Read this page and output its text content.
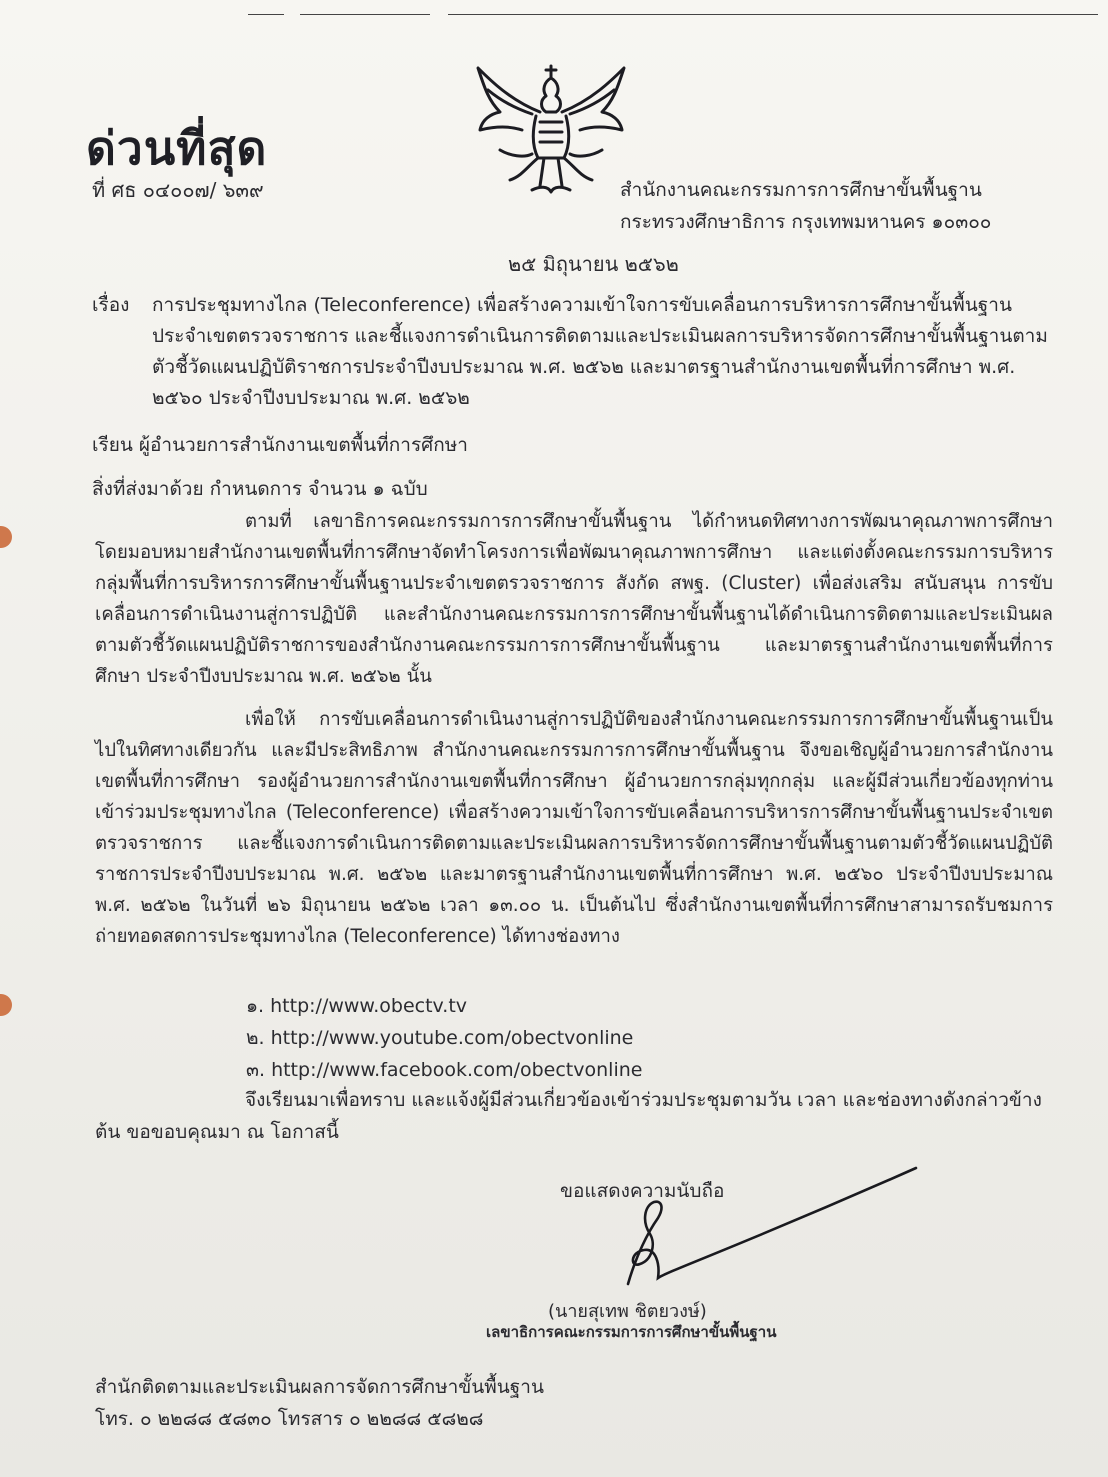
ด่วนที่สุด
ที่ ศธ ๐๔๐๐๗/ ๖๓๙	สำนักงานคณะกรรมการการศึกษาขั้นพื้นฐาน
กระทรวงศึกษาธิการ กรุงเทพมหานคร ๑๐๓๐๐
๒๕ มิถุนายน ๒๕๖๒
เรื่อง การประชุมทางไกล (Teleconference) เพื่อสร้างความเข้าใจการขับเคลื่อนการบริหารการศึกษาขั้นพื้นฐานประจำเขตตรวจราชการ และชี้แจงการดำเนินการติดตามและประเมินผลการบริหารจัดการศึกษาขั้นพื้นฐานตามตัวชี้วัดแผนปฏิบัติราชการประจำปีงบประมาณ พ.ศ. ๒๕๖๒ และมาตรฐานสำนักงานเขตพื้นที่การศึกษา พ.ศ. ๒๕๖๐ ประจำปีงบประมาณ พ.ศ. ๒๕๖๒
เรียน ผู้อำนวยการสำนักงานเขตพื้นที่การศึกษา
สิ่งที่ส่งมาด้วย กำหนดการ จำนวน ๑ ฉบับ
ตามที่ เลขาธิการคณะกรรมการการศึกษาขั้นพื้นฐาน ได้กำหนดทิศทางการพัฒนาคุณภาพการศึกษา โดยมอบหมายสำนักงานเขตพื้นที่การศึกษาจัดทำโครงการเพื่อพัฒนาคุณภาพการศึกษา และแต่งตั้งคณะกรรมการบริหารกลุ่มพื้นที่การบริหารการศึกษาขั้นพื้นฐานประจำเขตตรวจราชการ สังกัด สพฐ. (Cluster) เพื่อส่งเสริม สนับสนุน การขับเคลื่อนการดำเนินงานสู่การปฏิบัติ และสำนักงานคณะกรรมการการศึกษาขั้นพื้นฐานได้ดำเนินการติดตามและประเมินผลตามตัวชี้วัดแผนปฏิบัติราชการของสำนักงานคณะกรรมการการศึกษาขั้นพื้นฐาน และมาตรฐานสำนักงานเขตพื้นที่การศึกษา ประจำปีงบประมาณ พ.ศ. ๒๕๖๒ นั้น
เพื่อให้ การขับเคลื่อนการดำเนินงานสู่การปฏิบัติของสำนักงานคณะกรรมการการศึกษาขั้นพื้นฐานเป็นไปในทิศทางเดียวกัน และมีประสิทธิภาพ สำนักงานคณะกรรมการการศึกษาขั้นพื้นฐาน จึงขอเชิญผู้อำนวยการสำนักงานเขตพื้นที่การศึกษา รองผู้อำนวยการสำนักงานเขตพื้นที่การศึกษา ผู้อำนวยการกลุ่มทุกกลุ่ม และผู้มีส่วนเกี่ยวข้องทุกท่าน เข้าร่วมประชุมทางไกล (Teleconference) เพื่อสร้างความเข้าใจการขับเคลื่อนการบริหารการศึกษาขั้นพื้นฐานประจำเขตตรวจราชการ และชี้แจงการดำเนินการติดตามและประเมินผลการบริหารจัดการศึกษาขั้นพื้นฐานตามตัวชี้วัดแผนปฏิบัติราชการประจำปีงบประมาณ พ.ศ. ๒๕๖๒ และมาตรฐานสำนักงานเขตพื้นที่การศึกษา พ.ศ. ๒๕๖๐ ประจำปีงบประมาณ พ.ศ. ๒๕๖๒ ในวันที่ ๒๖ มิถุนายน ๒๕๖๒ เวลา ๑๓.๐๐ น. เป็นต้นไป ซึ่งสำนักงานเขตพื้นที่การศึกษาสามารถรับชมการถ่ายทอดสดการประชุมทางไกล (Teleconference) ได้ทางช่องทาง
๑. http://www.obectv.tv
๒. http://www.youtube.com/obectvonline
๓. http://www.facebook.com/obectvonline
จึงเรียนมาเพื่อทราบ และแจ้งผู้มีส่วนเกี่ยวข้องเข้าร่วมประชุมตามวัน เวลา และช่องทางดังกล่าวข้างต้น ขอขอบคุณมา ณ โอกาสนี้
ขอแสดงความนับถือ
(นายสุเทพ ชิตยวงษ์)
เลขาธิการคณะกรรมการการศึกษาขั้นพื้นฐาน
สำนักติดตามและประเมินผลการจัดการศึกษาขั้นพื้นฐาน
โทร. ๐ ๒๒๘๘ ๕๘๓๐ โทรสาร ๐ ๒๒๘๘ ๕๘๒๘
